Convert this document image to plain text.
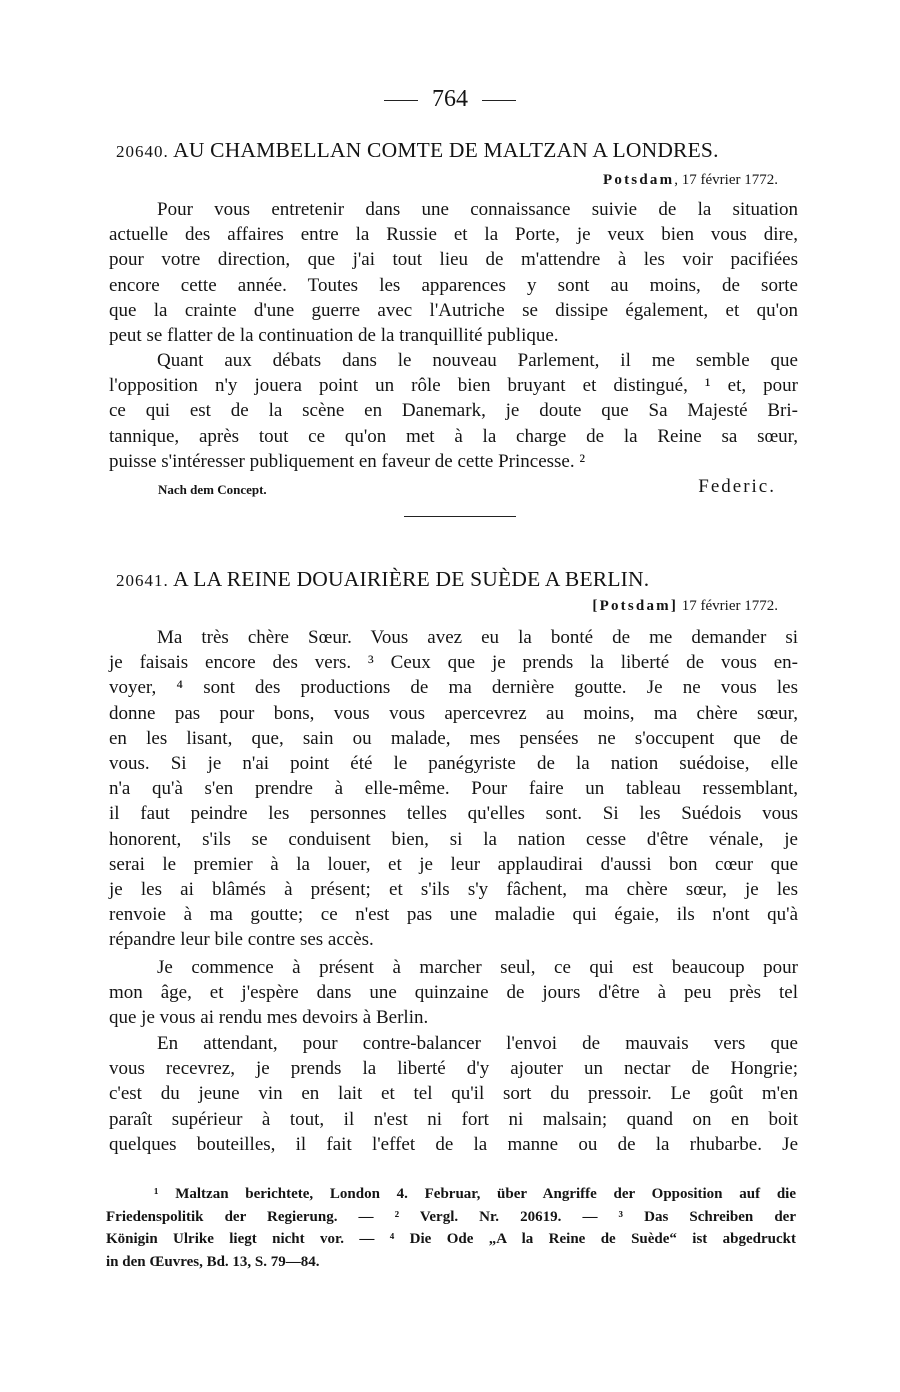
764
20640. AU CHAMBELLAN COMTE DE MALTZAN A LONDRES.
Potsdam, 17 février 1772.
Pour vous entretenir dans une connaissance suivie de la situation
actuelle des affaires entre la Russie et la Porte, je veux bien vous dire,
pour votre direction, que j'ai tout lieu de m'attendre à les voir pacifiées
encore cette année. Toutes les apparences y sont au moins, de sorte
que la crainte d'une guerre avec l'Autriche se dissipe également, et qu'on
peut se flatter de la continuation de la tranquillité publique.
Quant aux débats dans le nouveau Parlement, il me semble que
l'opposition n'y jouera point un rôle bien bruyant et distingué, ¹ et, pour
ce qui est de la scène en Danemark, je doute que Sa Majesté Bri-
tannique, après tout ce qu'on met à la charge de la Reine sa sœur,
puisse s'intéresser publiquement en faveur de cette Princesse. ²
Nach dem Concept.	Federic.
20641. A LA REINE DOUAIRIÈRE DE SUÈDE A BERLIN.
[Potsdam] 17 février 1772.
Ma très chère Sœur. Vous avez eu la bonté de me demander si
je faisais encore des vers. ³ Ceux que je prends la liberté de vous en-
voyer, ⁴ sont des productions de ma dernière goutte. Je ne vous les
donne pas pour bons, vous vous apercevrez au moins, ma chère sœur,
en les lisant, que, sain ou malade, mes pensées ne s'occupent que de
vous. Si je n'ai point été le panégyriste de la nation suédoise, elle
n'a qu'à s'en prendre à elle-même. Pour faire un tableau ressemblant,
il faut peindre les personnes telles qu'elles sont. Si les Suédois vous
honorent, s'ils se conduisent bien, si la nation cesse d'être vénale, je
serai le premier à la louer, et je leur applaudirai d'aussi bon cœur que
je les ai blâmés à présent; et s'ils s'y fâchent, ma chère sœur, je les
renvoie à ma goutte; ce n'est pas une maladie qui égaie, ils n'ont qu'à
répandre leur bile contre ses accès.
Je commence à présent à marcher seul, ce qui est beaucoup pour
mon âge, et j'espère dans une quinzaine de jours d'être à peu près tel
que je vous ai rendu mes devoirs à Berlin.
En attendant, pour contre-balancer l'envoi de mauvais vers que
vous recevrez, je prends la liberté d'y ajouter un nectar de Hongrie;
c'est du jeune vin en lait et tel qu'il sort du pressoir. Le goût m'en
paraît supérieur à tout, il n'est ni fort ni malsain; quand on en boit
quelques bouteilles, il fait l'effet de la manne ou de la rhubarbe. Je
¹ Maltzan berichtete, London 4. Februar, über Angriffe der Opposition auf die
Friedenspolitik der Regierung. — ² Vergl. Nr. 20619. — ³ Das Schreiben der
Königin Ulrike liegt nicht vor. — ⁴ Die Ode „A la Reine de Suède“ ist abgedruckt
in den Œuvres, Bd. 13, S. 79—84.
